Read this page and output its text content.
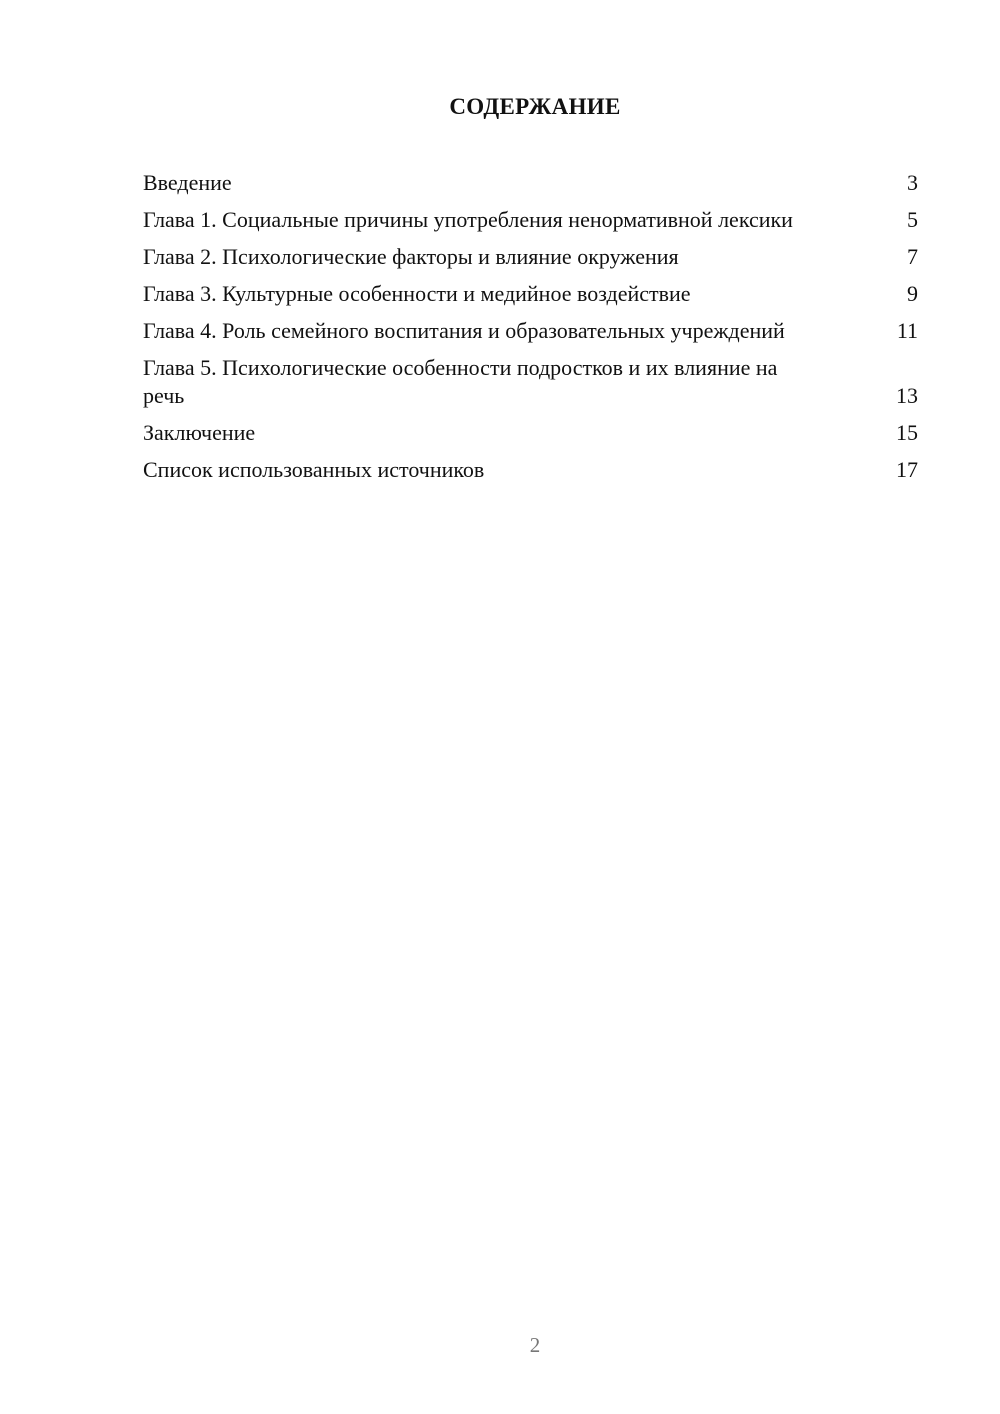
СОДЕРЖАНИЕ
Введение	3
Глава 1. Социальные причины употребления ненормативной лексики	5
Глава 2. Психологические факторы и влияние окружения	7
Глава 3. Культурные особенности и медийное воздействие	9
Глава 4. Роль семейного воспитания и образовательных учреждений	11
Глава 5. Психологические особенности подростков и их влияние на речь	13
Заключение	15
Список использованных источников	17
2
